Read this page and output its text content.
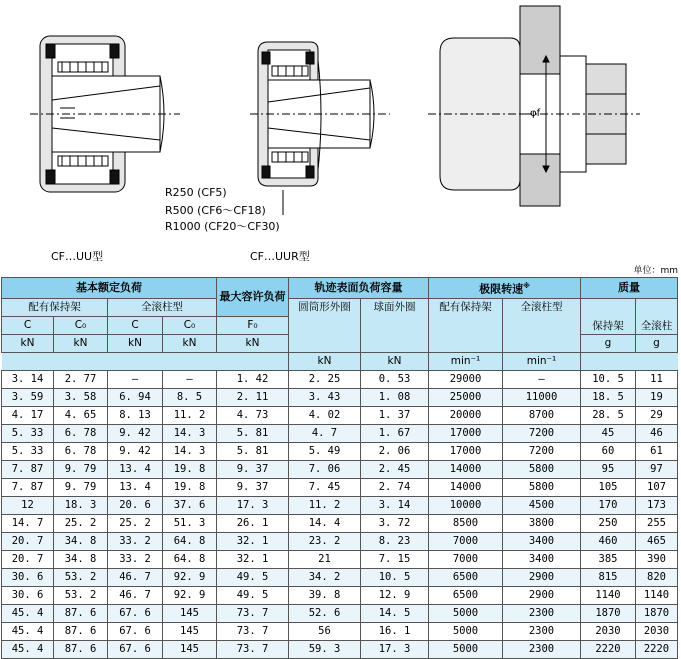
CF…UU型	CF…UUR型
R250 (CF5)
R500 (CF6～CF18)
R1000 (CF20～CF30)
φf
单位：mm
基本额定负荷				最大容许负荷	轨迹表面负荷容量		极限转速※		质量	
配有保持架		全滚柱型			圆筒形外圈	球面外圈	配有保持架	全滚柱型	保持架	全滚柱
C	C₀	C	C₀	F₀						
kN	kN	kN	kN	kN					g	g
					kN	kN	min⁻¹	min⁻¹		
3. 14	2. 77	—	—	1. 42	2. 25	0. 53	29000	—	10. 5	11
3. 59	3. 58	6. 94	8. 5	2. 11	3. 43	1. 08	25000	11000	18. 5	19
4. 17	4. 65	8. 13	11. 2	4. 73	4. 02	1. 37	20000	8700	28. 5	29
5. 33	6. 78	9. 42	14. 3	5. 81	4. 7	1. 67	17000	7200	45	46
5. 33	6. 78	9. 42	14. 3	5. 81	5. 49	2. 06	17000	7200	60	61
7. 87	9. 79	13. 4	19. 8	9. 37	7. 06	2. 45	14000	5800	95	97
7. 87	9. 79	13. 4	19. 8	9. 37	7. 45	2. 74	14000	5800	105	107
12	18. 3	20. 6	37. 6	17. 3	11. 2	3. 14	10000	4500	170	173
14. 7	25. 2	25. 2	51. 3	26. 1	14. 4	3. 72	8500	3800	250	255
20. 7	34. 8	33. 2	64. 8	32. 1	23. 2	8. 23	7000	3400	460	465
20. 7	34. 8	33. 2	64. 8	32. 1	21	7. 15	7000	3400	385	390
30. 6	53. 2	46. 7	92. 9	49. 5	34. 2	10. 5	6500	2900	815	820
30. 6	53. 2	46. 7	92. 9	49. 5	39. 8	12. 9	6500	2900	1140	1140
45. 4	87. 6	67. 6	145	73. 7	52. 6	14. 5	5000	2300	1870	1870
45. 4	87. 6	67. 6	145	73. 7	56	16. 1	5000	2300	2030	2030
45. 4	87. 6	67. 6	145	73. 7	59. 3	17. 3	5000	2300	2220	2220
